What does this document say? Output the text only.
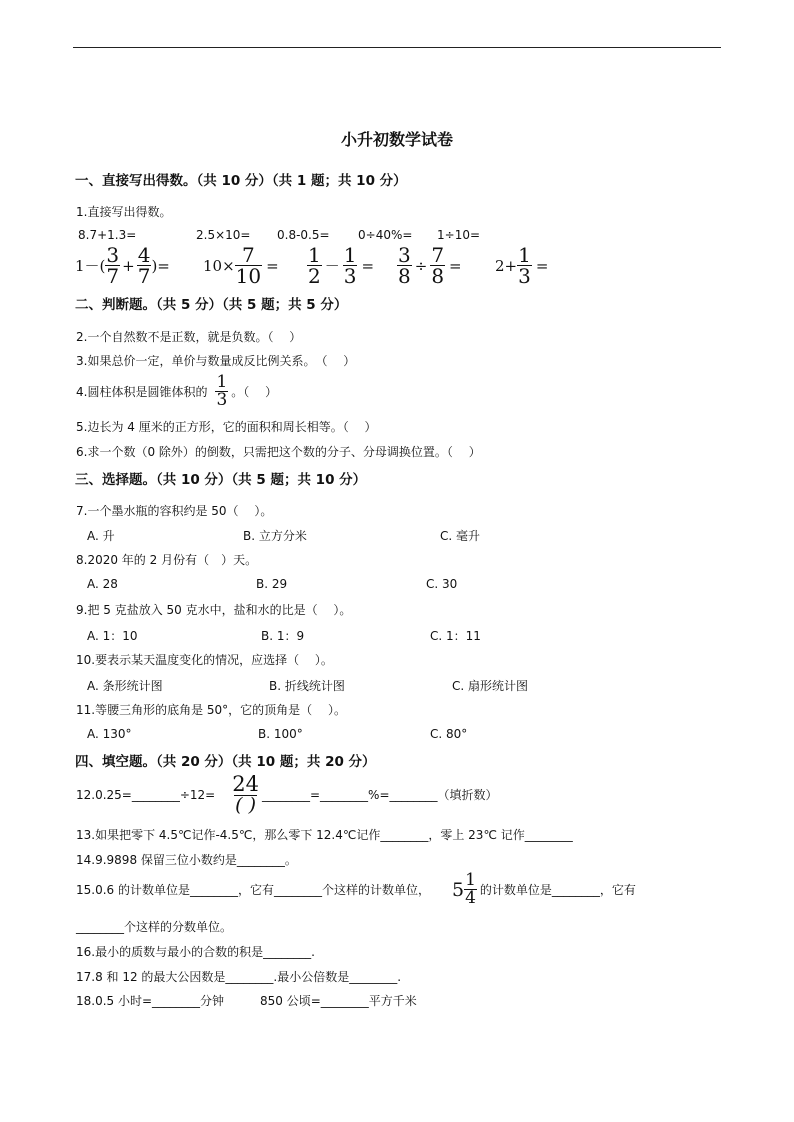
小升初数学试卷
一、直接写出得数。（共 10 分）（共 1 题；共 10 分）
1.直接写出得数。
8.7+1.3=	2.5×10= 0.8-0.5= 0÷40%= 1÷10=
$1-( \frac{3}{7} + \frac{4}{7}$ )= $10\times \frac{7}{10} = \frac{1}{2} - \frac{1}{3} = \frac{3}{8} \div \frac{7}{8} = 2+ \frac{1}{3}$ =
二、判断题。（共 5 分）（共 5 题；共 5 分）
2.一个自然数不是正数，就是负数。（　 ）
3.如果总价一定，单价与数量成反比例关系。　（　 ）
4.圆柱体积是圆锥体积的 $\frac{1}{3}$ 。（　 ）
5.边长为 4 厘米的正方形，它的面积和周长相等。（　 ）
6.求一个数（0 除外）的倒数，只需把这个数的分子、分母调换位置。（　 ）
三、选择题。（共 10 分）（共 5 题；共 10 分）
7.一个墨水瓶的容积约是 50（　 ）。
A. 升	B. 立方分米	C. 毫升
8.2020 年的 2 月份有（　）天。
A. 28	B. 29	C. 30
9.把 5 克盐放入 50 克水中，盐和水的比是（　 ）。
A. 1：10	B. 1：9	C. 1：11
10.要表示某天温度变化的情况，应选择（　 ）。
A. 条形统计图	B. 折线统计图	C. 扇形统计图
11.等腰三角形的底角是 50°，它的顶角是（　 ）。
A. 130°	B. 100°	C. 80°
四、填空题。（共 20 分）（共 10 题；共 20 分）
12.0.25=________÷12= $\frac{24}{( )}$ ________=________%=________（填折数）
13.如果把零下 4.5℃记作-4.5℃，那么零下 12.4℃记作________，零上 23℃ 记作________
14.9.9898 保留三位小数约是________。
15.0.6 的计数单位是________，它有________个这样的计数单位， $5 \frac{1}{4}$ 的计数单位是________，它有
________个这样的分数单位。
16.最小的质数与最小的合数的积是________.
17.8 和 12 的最大公因数是________.最小公倍数是________.
18.0.5 小时=________分钟	850 公顷=________平方千米
